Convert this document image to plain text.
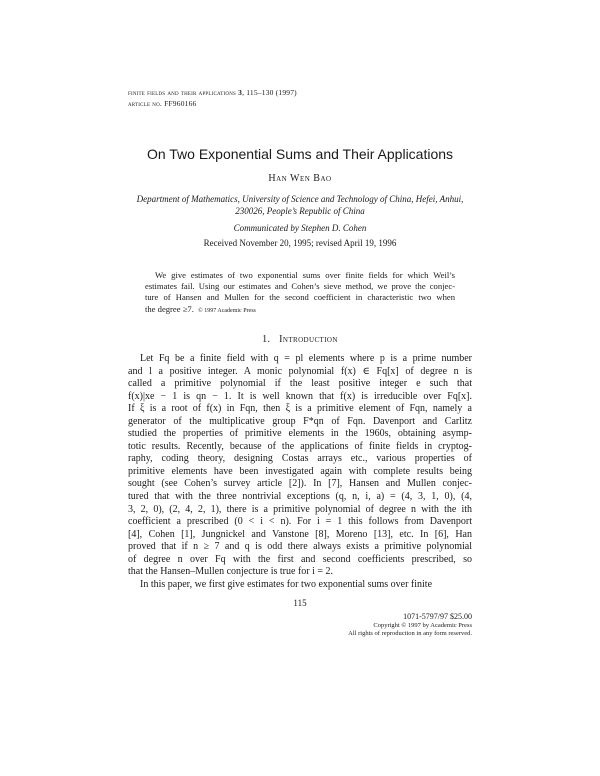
finite fields and their applications 3, 115–130 (1997)
article no. FF960166
On Two Exponential Sums and Their Applications
Han Wen Bao
Department of Mathematics, University of Science and Technology of China, Hefei, Anhui,
230026, People’s Republic of China
Communicated by Stephen D. Cohen
Received November 20, 1995; revised April 19, 1996
We give estimates of two exponential sums over finite fields for which Weil’s
estimates fail. Using our estimates and Cohen’s sieve method, we prove the conjec-
ture of Hansen and Mullen for the second coefficient in characteristic two when
the degree ≥7. © 1997 Academic Press
1. Introduction
Let Fq be a finite field with q = pl elements where p is a prime number
and l a positive integer. A monic polynomial f(x) ∈ Fq[x] of degree n is
called a primitive polynomial if the least positive integer e such that
f(x)|xe − 1 is qn − 1. It is well known that f(x) is irreducible over Fq[x].
If ξ is a root of f(x) in Fqn, then ξ is a primitive element of Fqn, namely a
generator of the multiplicative group F*qn of Fqn. Davenport and Carlitz
studied the properties of primitive elements in the 1960s, obtaining asymp-
totic results. Recently, because of the applications of finite fields in cryptog-
raphy, coding theory, designing Costas arrays etc., various properties of
primitive elements have been investigated again with complete results being
sought (see Cohen’s survey article [2]). In [7], Hansen and Mullen conjec-
tured that with the three nontrivial exceptions (q, n, i, a) = (4, 3, 1, 0), (4,
3, 2, 0), (2, 4, 2, 1), there is a primitive polynomial of degree n with the ith
coefficient a prescribed (0 < i < n). For i = 1 this follows from Davenport
[4], Cohen [1], Jungnickel and Vanstone [8], Moreno [13], etc. In [6], Han
proved that if n ≥ 7 and q is odd there always exists a primitive polynomial
of degree n over Fq with the first and second coefficients prescribed, so
that the Hansen–Mullen conjecture is true for i = 2.
In this paper, we first give estimates for two exponential sums over finite
115
1071-5797/97 $25.00
Copyright © 1997 by Academic Press
All rights of reproduction in any form reserved.
